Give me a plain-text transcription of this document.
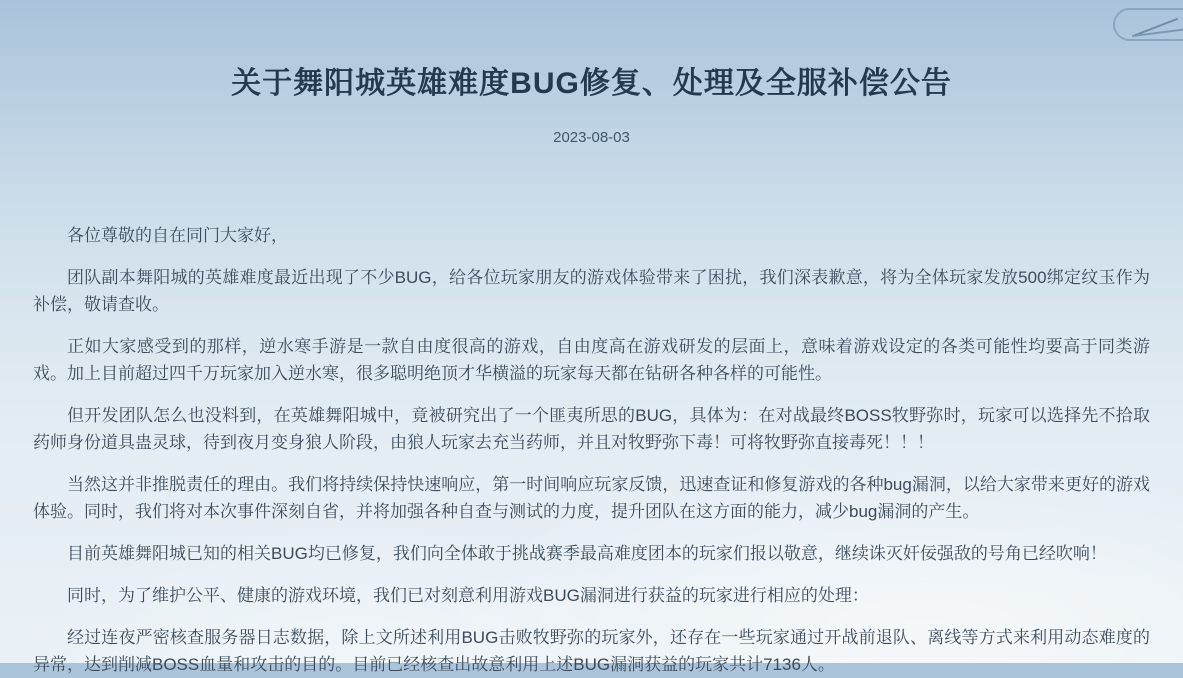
关于舞阳城英雄难度BUG修复、处理及全服补偿公告
2023-08-03

各位尊敬的自在同门大家好，

团队副本舞阳城的英雄难度最近出现了不少BUG，给各位玩家朋友的游戏体验带来了困扰，我们深表歉意，将为全体玩家发放500绑定纹玉作为补偿，敬请查收。

正如大家感受到的那样，逆水寒手游是一款自由度很高的游戏，自由度高在游戏研发的层面上，意味着游戏设定的各类可能性均要高于同类游戏。加上目前超过四千万玩家加入逆水寒，很多聪明绝顶才华横溢的玩家每天都在钻研各种各样的可能性。

但开发团队怎么也没料到，在英雄舞阳城中，竟被研究出了一个匪夷所思的BUG，具体为：在对战最终BOSS牧野弥时，玩家可以选择先不拾取药师身份道具蛊灵球，待到夜月变身狼人阶段，由狼人玩家去充当药师，并且对牧野弥下毒！可将牧野弥直接毒死！！！

当然这并非推脱责任的理由。我们将持续保持快速响应，第一时间响应玩家反馈，迅速查证和修复游戏的各种bug漏洞，以给大家带来更好的游戏体验。同时，我们将对本次事件深刻自省，并将加强各种自查与测试的力度，提升团队在这方面的能力，减少bug漏洞的产生。

目前英雄舞阳城已知的相关BUG均已修复，我们向全体敢于挑战赛季最高难度团本的玩家们报以敬意，继续诛灭奸佞强敌的号角已经吹响！

同时，为了维护公平、健康的游戏环境，我们已对刻意利用游戏BUG漏洞进行获益的玩家进行相应的处理：

经过连夜严密核查服务器日志数据，除上文所述利用BUG击败牧野弥的玩家外，还存在一些玩家通过开战前退队、离线等方式来利用动态难度的异常，达到削减BOSS血量和攻击的目的。目前已经核查出故意利用上述BUG漏洞获益的玩家共计7136人。
